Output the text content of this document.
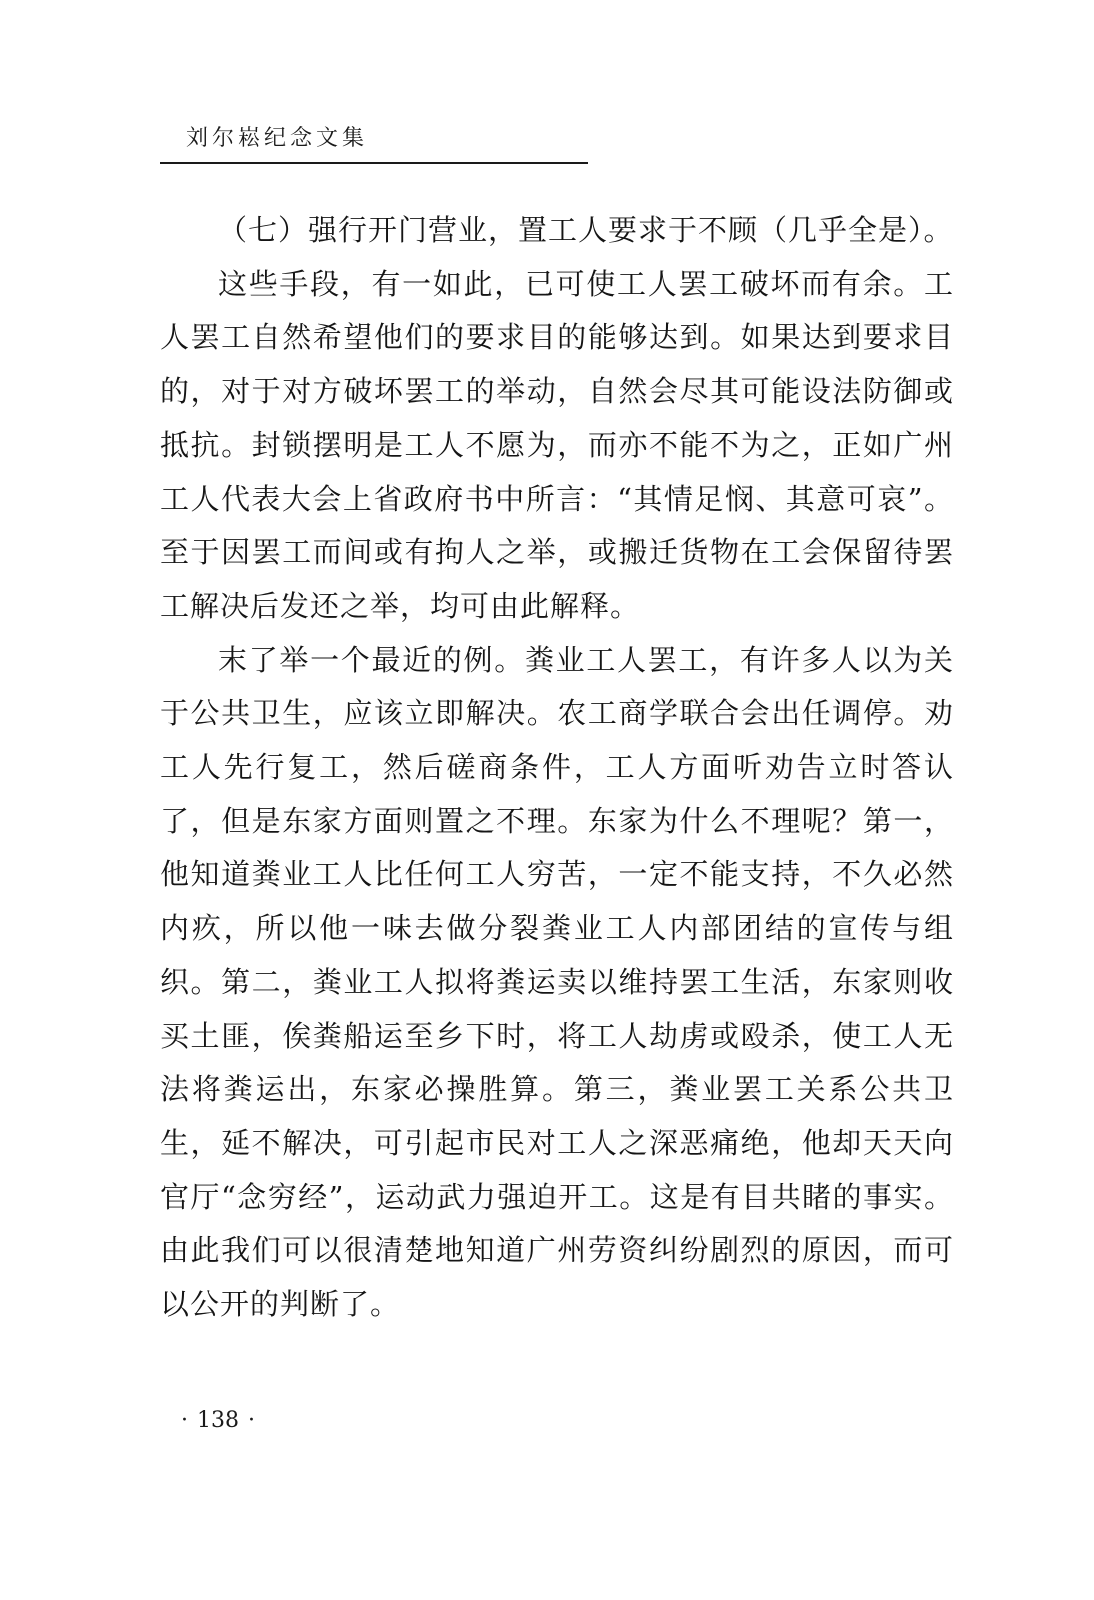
刘尔崧纪念文集

（七）强行开门营业，置工人要求于不顾（几乎全是）。

这些手段，有一如此，已可使工人罢工破坏而有余。工人罢工自然希望他们的要求目的能够达到。如果达到要求目的，对于对方破坏罢工的举动，自然会尽其可能设法防御或抵抗。封锁摆明是工人不愿为，而亦不能不为之，正如广州工人代表大会上省政府书中所言：“其情足悯、其意可哀”。至于因罢工而间或有拘人之举，或搬迁货物在工会保留待罢工解决后发还之举，均可由此解释。

末了举一个最近的例。粪业工人罢工，有许多人以为关于公共卫生，应该立即解决。农工商学联合会出任调停。劝工人先行复工，然后磋商条件，工人方面听劝告立时答认了，但是东家方面则置之不理。东家为什么不理呢？第一，他知道粪业工人比任何工人穷苦，一定不能支持，不久必然内疚，所以他一味去做分裂粪业工人内部团结的宣传与组织。第二，粪业工人拟将粪运卖以维持罢工生活，东家则收买土匪，俟粪船运至乡下时，将工人劫虏或殴杀，使工人无法将粪运出，东家必操胜算。第三，粪业罢工关系公共卫生，延不解决，可引起市民对工人之深恶痛绝，他却天天向官厅“念穷经”，运动武力强迫开工。这是有目共睹的事实。由此我们可以很清楚地知道广州劳资纠纷剧烈的原因，而可以公开的判断了。

· 138 ·
